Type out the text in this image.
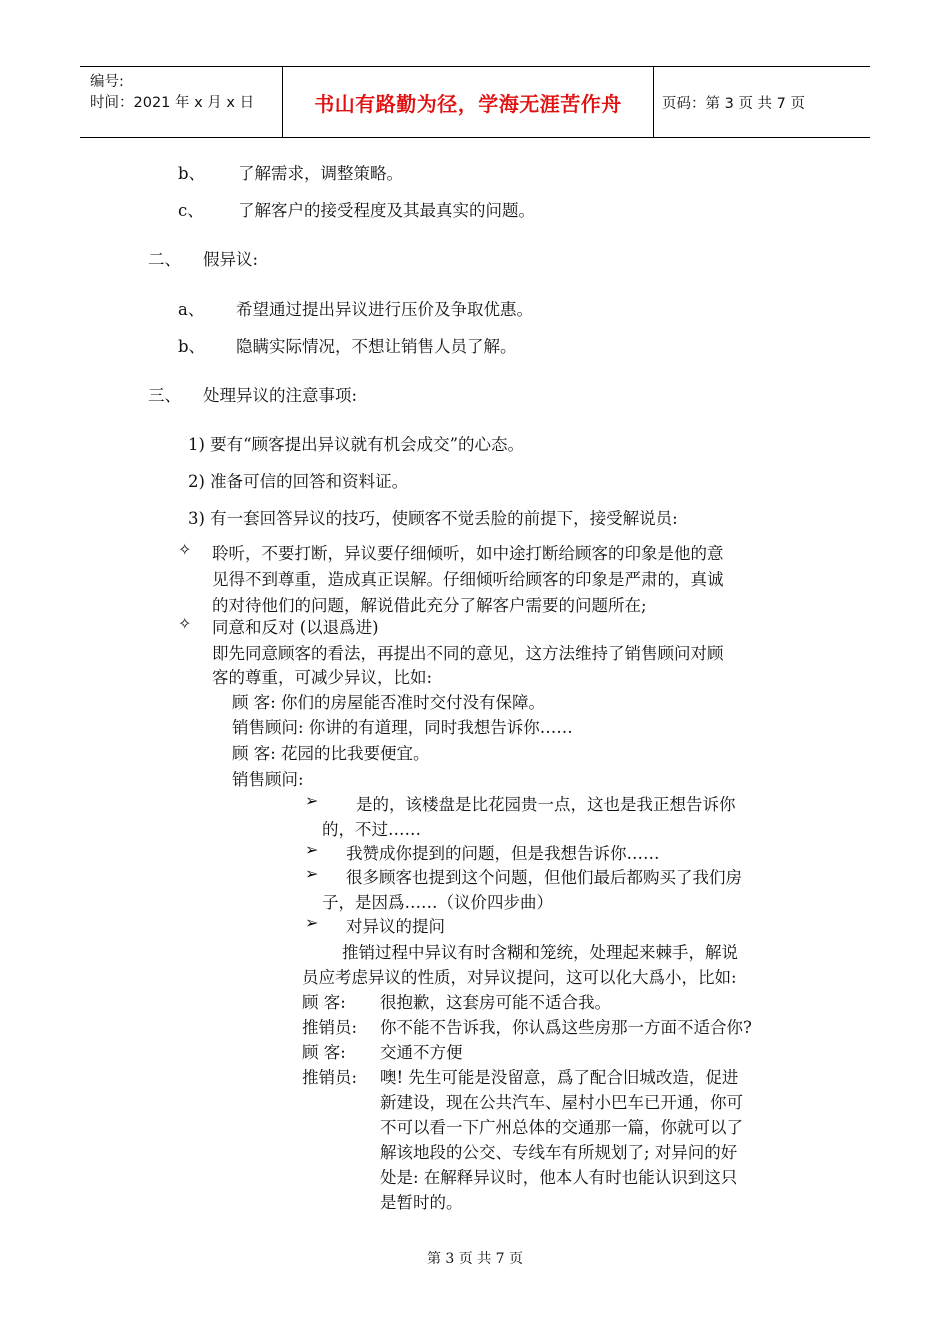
编号:
时间：2021 年 x 月 x 日	书山有路勤为径，学海无涯苦作舟	页码：第 3 页 共 7 页
b、 了解需求，调整策略。
c、 了解客户的接受程度及其最真实的问题。
二、 假异议:
a、 希望通过提出异议进行压价及争取优惠。
b、 隐瞒实际情况，不想让销售人员了解。
三、 处理异议的注意事项:
1) 要有“顾客提出异议就有机会成交”的心态。
2) 准备可信的回答和资料证。
3) 有一套回答异议的技巧，使顾客不觉丢脸的前提下，接受解说员:
✧ 聆听，不要打断，异议要仔细倾听，如中途打断给顾客的印象是他的意
见得不到尊重，造成真正误解。仔细倾听给顾客的印象是严肃的，真诚
的对待他们的问题，解说借此充分了解客户需要的问题所在;
✧ 同意和反对 (以退爲进)
即先同意顾客的看法，再提出不同的意见，这方法维持了销售顾问对顾
客的尊重，可减少异议，比如:
顾 客: 你们的房屋能否准时交付没有保障。
销售顾问: 你讲的有道理，同时我想告诉你……
顾 客: 花园的比我要便宜。
销售顾问:
➢ 是的，该楼盘是比花园贵一点，这也是我正想告诉你
的，不过……
➢ 我赞成你提到的问题，但是我想告诉你……
➢ 很多顾客也提到这个问题，但他们最后都购买了我们房
子，是因爲……（议价四步曲）
➢ 对异议的提问
推销过程中异议有时含糊和笼统，处理起来棘手，解说
员应考虑异议的性质，对异议提问，这可以化大爲小，比如:
顾 客: 很抱歉，这套房可能不适合我。
推销员: 你不能不告诉我，你认爲这些房那一方面不适合你?
顾 客: 交通不方便
推销员: 噢! 先生可能是没留意，爲了配合旧城改造，促进
新建设，现在公共汽车、屋村小巴车已开通，你可
不可以看一下广州总体的交通那一篇，你就可以了
解该地段的公交、专线车有所规划了; 对异问的好
处是: 在解释异议时，他本人有时也能认识到这只
是暂时的。
第 3 页 共 7 页
